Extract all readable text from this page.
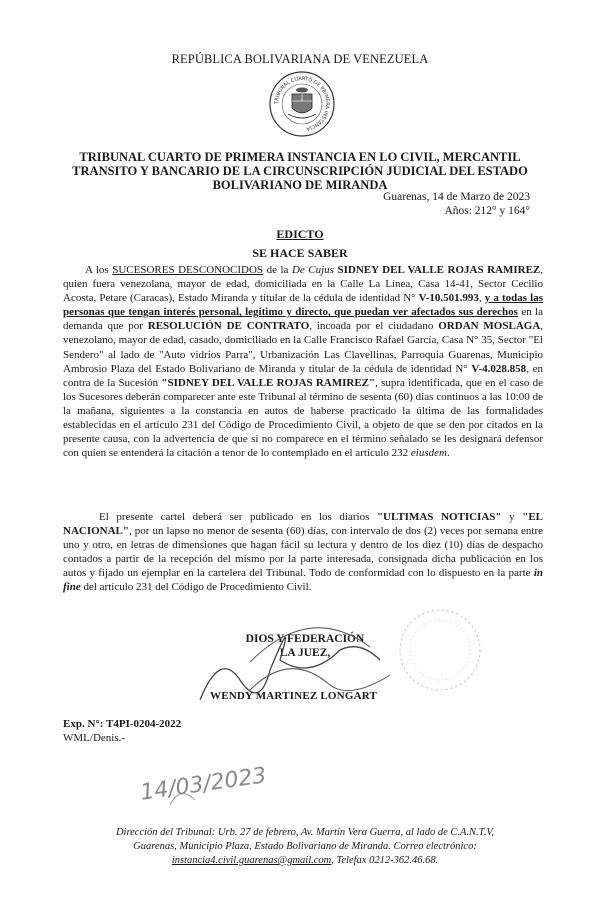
REPÚBLICA BOLIVARIANA DE VENEZUELA
TRIBUNAL CUARTO DE PRIMERA INSTANCIA
TRIBUNAL CUARTO DE PRIMERA INSTANCIA EN LO CIVIL, MERCANTIL
TRANSITO Y BANCARIO DE LA CIRCUNSCRIPCIÓN JUDICIAL DEL ESTADO
BOLIVARIANO DE MIRANDA
Guarenas, 14 de Marzo de 2023
Años: 212° y 164°
EDICTO
SE HACE SABER
A los SUCESORES DESCONOCIDOS de la De Cujus SIDNEY DEL VALLE ROJAS RAMIREZ, quien fuera venezolana, mayor de edad, domiciliada en la Calle La Línea, Casa 14-41, Sector Cecilio Acosta, Petare (Caracas), Estado Miranda y titular de la cédula de identidad N° V-10.501.993, y a todas las personas que tengan interés personal, legítimo y directo, que puedan ver afectados sus derechos en la demanda que por RESOLUCIÓN DE CONTRATO, incoada por el ciudadano ORDAN MOSLAGA, venezolano, mayor de edad, casado, domiciliado en la Calle Francisco Rafael García, Casa N° 35, Sector "El Sendero" al lado de "Auto vidrios Parra", Urbanización Las Clavellinas, Parroquia Guarenas, Municipio Ambrosio Plaza del Estado Bolivariano de Miranda y titular de la cédula de identidad N° V-4.028.858, en contra de la Sucesión "SIDNEY DEL VALLE ROJAS RAMIREZ", supra identificada, que en el caso de los Sucesores deberán comparecer ante este Tribunal al término de sesenta (60) días continuos a las 10:00 de la mañana, siguientes a la constancia en autos de haberse practicado la última de las formalidades establecidas en el artículo 231 del Código de Procedimiento Civil, a objeto de que se den por citados en la presente causa, con la advertencia de que si no comparece en el término señalado se les designará defensor con quien se entenderá la citación a tenor de lo contemplado en el artículo 232 eiusdem.
El presente cartel deberá ser publicado en los diarios "ULTIMAS NOTICIAS" y "EL NACIONAL", por un lapso no menor de sesenta (60) días, con intervalo de dos (2) veces por semana entre uno y otro, en letras de dimensiones que hagan fácil su lectura y dentro de los diez (10) días de despacho contados a partir de la recepción del mismo por la parte interesada, consignada dicha publicación en los autos y fijado un ejemplar en la cartelera del Tribunal. Todo de conformidad con lo dispuesto en la parte in fine del artículo 231 del Código de Procedimiento Civil.
DIOS Y FEDERACIÓN
LA JUEZ,
WENDY MARTINEZ LONGART
Exp. N°: T4PI-0204-2022
WML/Denis.-
14/03/2023
Dirección del Tribunal: Urb. 27 de febrero, Av. Martín Vera Guerra, al lado de C.A.N.T.V,
Guarenas, Municipio Plaza, Estado Bolivariano de Miranda. Correo electrónico:
instancia4.civil.guarenas@gmail.com, Telefax 0212-362.46.68.
